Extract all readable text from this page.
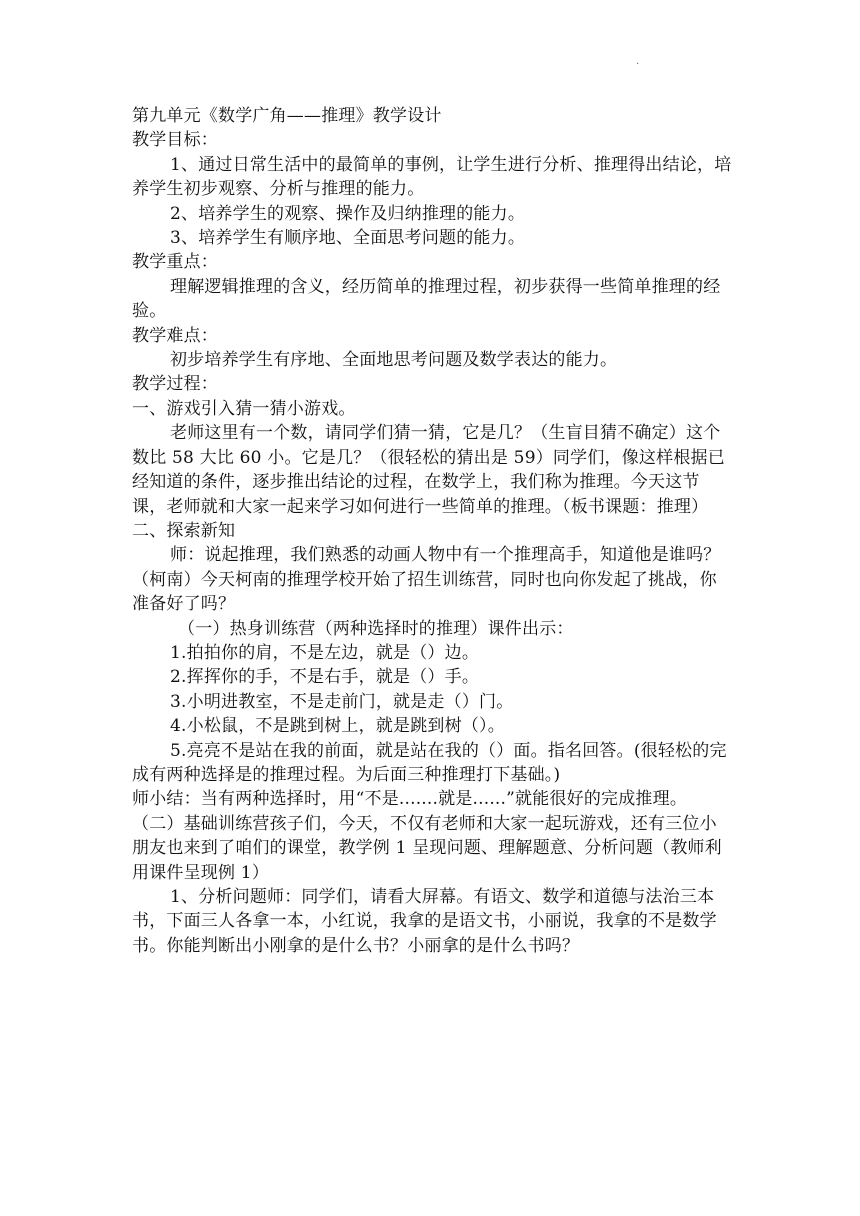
.

第九单元《数学广角——推理》教学设计

教学目标：

1、通过日常生活中的最简单的事例，让学生进行分析、推理得出结论，培养学生初步观察、分析与推理的能力。

2、培养学生的观察、操作及归纳推理的能力。

3、培养学生有顺序地、全面思考问题的能力。

教学重点：

理解逻辑推理的含义，经历简单的推理过程，初步获得一些简单推理的经验。

教学难点：

初步培养学生有序地、全面地思考问题及数学表达的能力。

教学过程：

一、游戏引入猜一猜小游戏。

老师这里有一个数，请同学们猜一猜，它是几？（生盲目猜不确定）这个数比 58 大比 60 小。它是几？（很轻松的猜出是 59）同学们，像这样根据已经知道的条件，逐步推出结论的过程，在数学上，我们称为推理。今天这节课，老师就和大家一起来学习如何进行一些简单的推理。（板书课题：推理）

二、探索新知

师：说起推理，我们熟悉的动画人物中有一个推理高手，知道他是谁吗？（柯南）今天柯南的推理学校开始了招生训练营，同时也向你发起了挑战，你准备好了吗？

（一）热身训练营（两种选择时的推理）课件出示：

1.拍拍你的肩，不是左边，就是（）边。

2.挥挥你的手，不是右手，就是（）手。

3.小明进教室，不是走前门，就是走（）门。

4.小松鼠，不是跳到树上，就是跳到树（）。

5.亮亮不是站在我的前面，就是站在我的（）面。指名回答。(很轻松的完成有两种选择是的推理过程。为后面三种推理打下基础。)

师小结：当有两种选择时，用“不是.......就是......”就能很好的完成推理。

（二）基础训练营孩子们，今天，不仅有老师和大家一起玩游戏，还有三位小朋友也来到了咱们的课堂，教学例 1 呈现问题、理解题意、分析问题（教师利用课件呈现例 1）

1、分析问题师：同学们，请看大屏幕。有语文、数学和道德与法治三本书，下面三人各拿一本，小红说，我拿的是语文书，小丽说，我拿的不是数学书。你能判断出小刚拿的是什么书？小丽拿的是什么书吗？
